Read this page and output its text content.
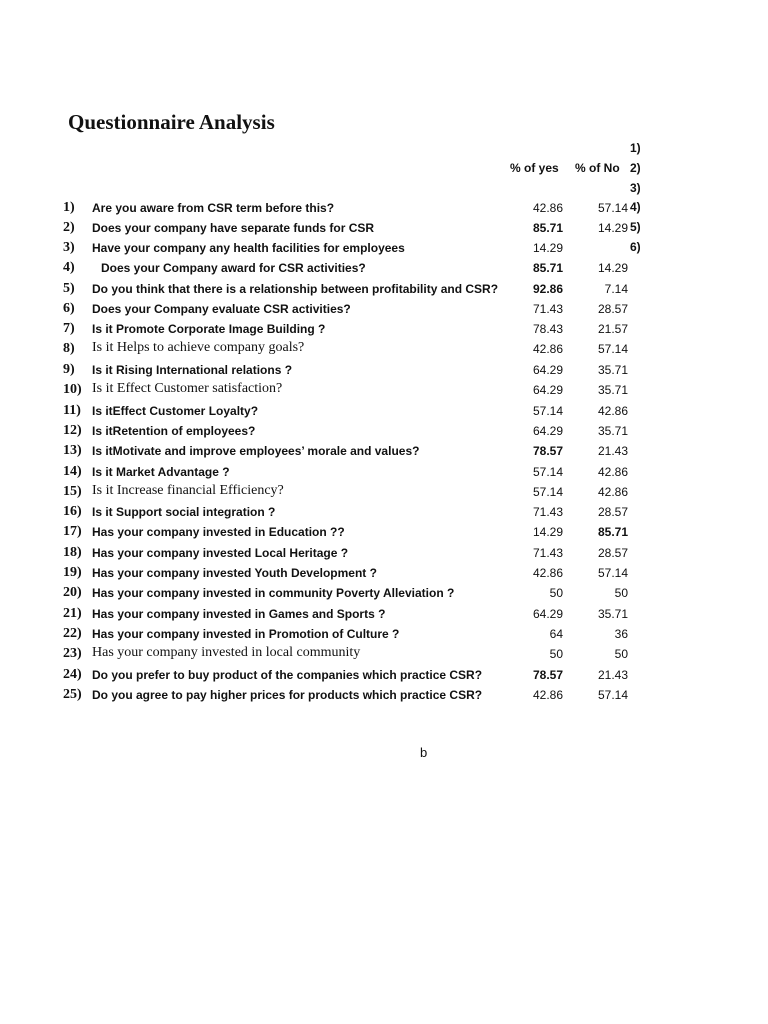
Questionnaire Analysis
% of yes % of No
1)
2)
3)
4)
5)
6)
1) Are you aware from CSR term before this?	42.86	57.14
2) Does your company have separate funds for CSR	85.71	14.29
3) Have your company any health facilities for employees	14.29
4) Does your Company award for CSR activities?	85.71	14.29
5) Do you think that there is a relationship between profitability and CSR?	92.86	7.14
6) Does your Company evaluate CSR activities?	71.43	28.57
7) Is it Promote Corporate Image Building ?	78.43	21.57
8) Is it Helps to achieve company goals?	42.86	57.14
9) Is it Rising International relations ?	64.29	35.71
10) Is it Effect Customer satisfaction?	64.29	35.71
11) Is itEffect Customer Loyalty?	57.14	42.86
12) Is itRetention of employees?	64.29	35.71
13) Is itMotivate and improve employees’ morale and values?	78.57	21.43
14) Is it Market Advantage ?	57.14	42.86
15) Is it Increase financial Efficiency?	57.14	42.86
16) Is it Support social integration ?	71.43	28.57
17) Has your company invested in Education ??	14.29	85.71
18) Has your company invested Local Heritage ?	71.43	28.57
19) Has your company invested Youth Development ?	42.86	57.14
20) Has your company invested in community Poverty Alleviation ?	50	50
21) Has your company invested in Games and Sports ?	64.29	35.71
22) Has your company invested in Promotion of Culture ?	64	36
23) Has your company invested in local community	50	50
24) Do you prefer to buy product of the companies which practice CSR?	78.57	21.43
25) Do you agree to pay higher prices for products which practice CSR?	42.86	57.14
b
